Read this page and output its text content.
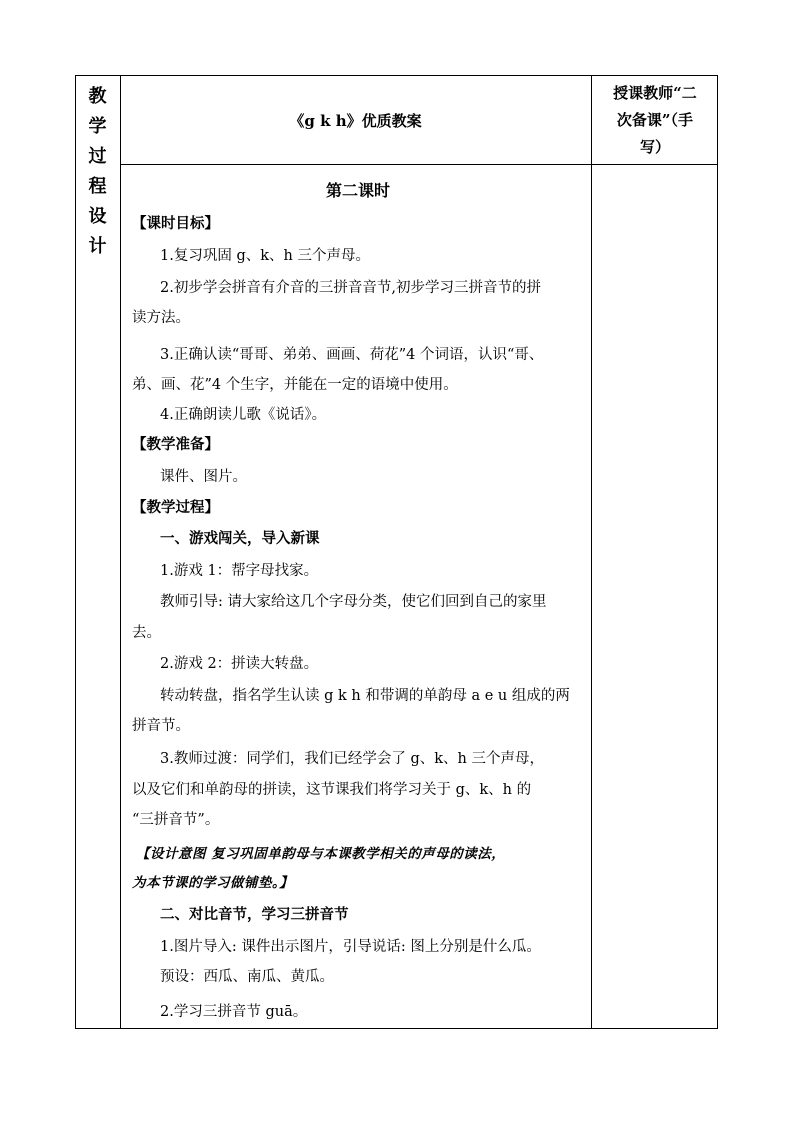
教
学
过
程
设
计
《g k h》优质教案
授课教师“二
次备课”（手
写）
第二课时
【课时目标】
1.复习巩固 g、k、h 三个声母。
2.初步学会拼音有介音的三拼音音节,初步学习三拼音节的拼
读方法。
3.正确认读“哥哥、弟弟、画画、荷花”4 个词语，认识“哥、
弟、画、花”4 个生字，并能在一定的语境中使用。
4.正确朗读儿歌《说话》。
【教学准备】
课件、图片。
【教学过程】
一、游戏闯关，导入新课
1.游戏 1：帮字母找家。
教师引导: 请大家给这几个字母分类，使它们回到自己的家里
去。
2.游戏 2：拼读大转盘。
转动转盘，指名学生认读 g k h 和带调的单韵母 a e u 组成的两
拼音节。
3.教师过渡：同学们，我们已经学会了 g、k、h 三个声母，
以及它们和单韵母的拼读，这节课我们将学习关于 g、k、h 的
“三拼音节”。
【设计意图 复习巩固单韵母与本课教学相关的声母的读法，
为本节课的学习做铺垫。】
二、对比音节，学习三拼音节
1.图片导入: 课件出示图片，引导说话: 图上分别是什么瓜。
预设：西瓜、南瓜、黄瓜。
2.学习三拼音节 guā。
